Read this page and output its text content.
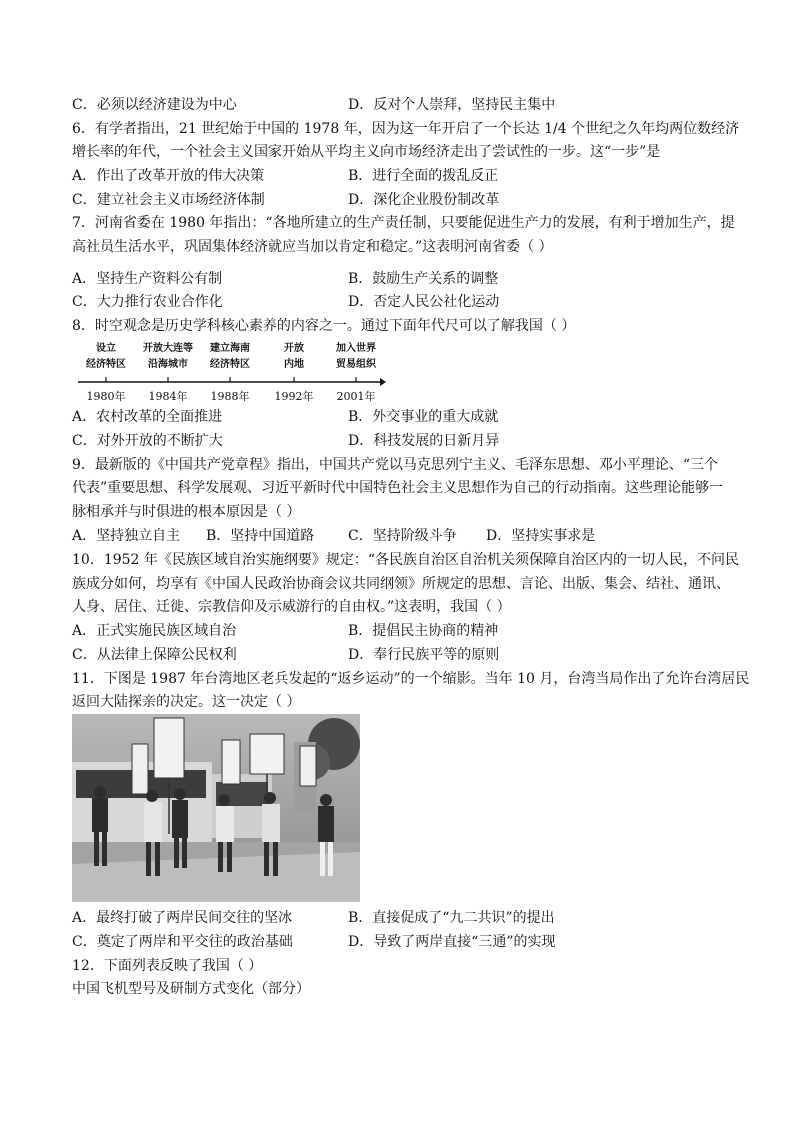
C．必须以经济建设为中心	D．反对个人崇拜，坚持民主集中
6．有学者指出，21 世纪始于中国的 1978 年，因为这一年开启了一个长达 1/4 个世纪之久年均两位数经济
增长率的年代，一个社会主义国家开始从平均主义向市场经济走出了尝试性的一步。这“一步”是
A．作出了改革开放的伟大决策	B．进行全面的拨乱反正
C．建立社会主义市场经济体制	D．深化企业股份制改革
7．河南省委在 1980 年指出：“各地所建立的生产责任制，只要能促进生产力的发展，有利于增加生产，提
高社员生活水平，巩固集体经济就应当加以肯定和稳定。”这表明河南省委（ ）
A．坚持生产资料公有制	B．鼓励生产关系的调整
C．大力推行农业合作化	D．否定人民公社化运动
8．时空观念是历史学科核心素养的内容之一。通过下面年代尺可以了解我国（ ）
设立
经济特区
1980年
开放大连等
沿海城市
1984年
建立海南
经济特区
1988年
开放
内地
1992年
加入世界
贸易组织
2001年
A．农村改革的全面推进	B．外交事业的重大成就
C．对外开放的不断扩大	D．科技发展的日新月异
9．最新版的《中国共产党章程》指出，中国共产党以马克思列宁主义、毛泽东思想、邓小平理论、“三个
代表”重要思想、科学发展观、习近平新时代中国特色社会主义思想作为自己的行动指南。这些理论能够一
脉相承并与时俱进的根本原因是（ ）
A．坚持独立自主 B．坚持中国道路 C．坚持阶级斗争 D．坚持实事求是
10．1952 年《民族区域自治实施纲要》规定：“各民族自治区自治机关须保障自治区内的一切人民，不问民
族成分如何，均享有《中国人民政治协商会议共同纲领》所规定的思想、言论、出版、集会、结社、通讯、
人身、居住、迁徙、宗教信仰及示威游行的自由权。”这表明，我国（ ）
A．正式实施民族区域自治	B．提倡民主协商的精神
C．从法律上保障公民权利	D．奉行民族平等的原则
11．下图是 1987 年台湾地区老兵发起的“返乡运动”的一个缩影。当年 10 月，台湾当局作出了允许台湾居民
返回大陆探亲的决定。这一决定（ ）
A．最终打破了两岸民间交往的坚冰	B．直接促成了“九二共识”的提出
C．奠定了两岸和平交往的政治基础	D．导致了两岸直接“三通”的实现
12．下面列表反映了我国（ ）
中国飞机型号及研制方式变化（部分）
